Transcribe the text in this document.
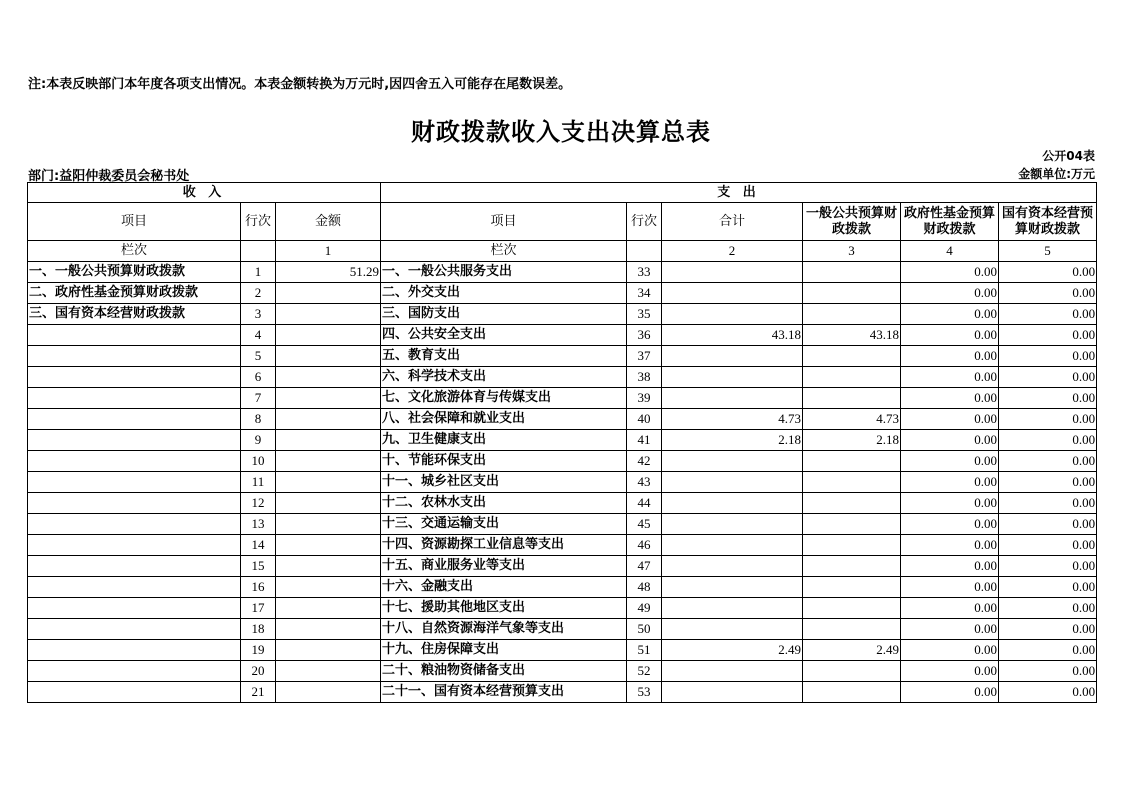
注:本表反映部门本年度各项支出情况。本表金额转换为万元时,因四舍五入可能存在尾数误差。
财政拨款收入支出决算总表
公开04表
部门:益阳仲裁委员会秘书处	金额单位:万元
收 入			支 出					
项目	行次	金额	项目	行次	合计	一般公共预算财政拨款	政府性基金预算财政拨款	国有资本经营预算财政拨款
栏次		1	栏次		2	3	4	5
一、一般公共预算财政拨款	1	51.29	一、一般公共服务支出	33			0.00	0.00
二、政府性基金预算财政拨款	2		二、外交支出	34			0.00	0.00
三、国有资本经营财政拨款	3		三、国防支出	35			0.00	0.00
	4		四、公共安全支出	36	43.18	43.18	0.00	0.00
	5		五、教育支出	37			0.00	0.00
	6		六、科学技术支出	38			0.00	0.00
	7		七、文化旅游体育与传媒支出	39			0.00	0.00
	8		八、社会保障和就业支出	40	4.73	4.73	0.00	0.00
	9		九、卫生健康支出	41	2.18	2.18	0.00	0.00
	10		十、节能环保支出	42			0.00	0.00
	11		十一、城乡社区支出	43			0.00	0.00
	12		十二、农林水支出	44			0.00	0.00
	13		十三、交通运输支出	45			0.00	0.00
	14		十四、资源勘探工业信息等支出	46			0.00	0.00
	15		十五、商业服务业等支出	47			0.00	0.00
	16		十六、金融支出	48			0.00	0.00
	17		十七、援助其他地区支出	49			0.00	0.00
	18		十八、自然资源海洋气象等支出	50			0.00	0.00
	19		十九、住房保障支出	51	2.49	2.49	0.00	0.00
	20		二十、粮油物资储备支出	52			0.00	0.00
	21		二十一、国有资本经营预算支出	53			0.00	0.00
